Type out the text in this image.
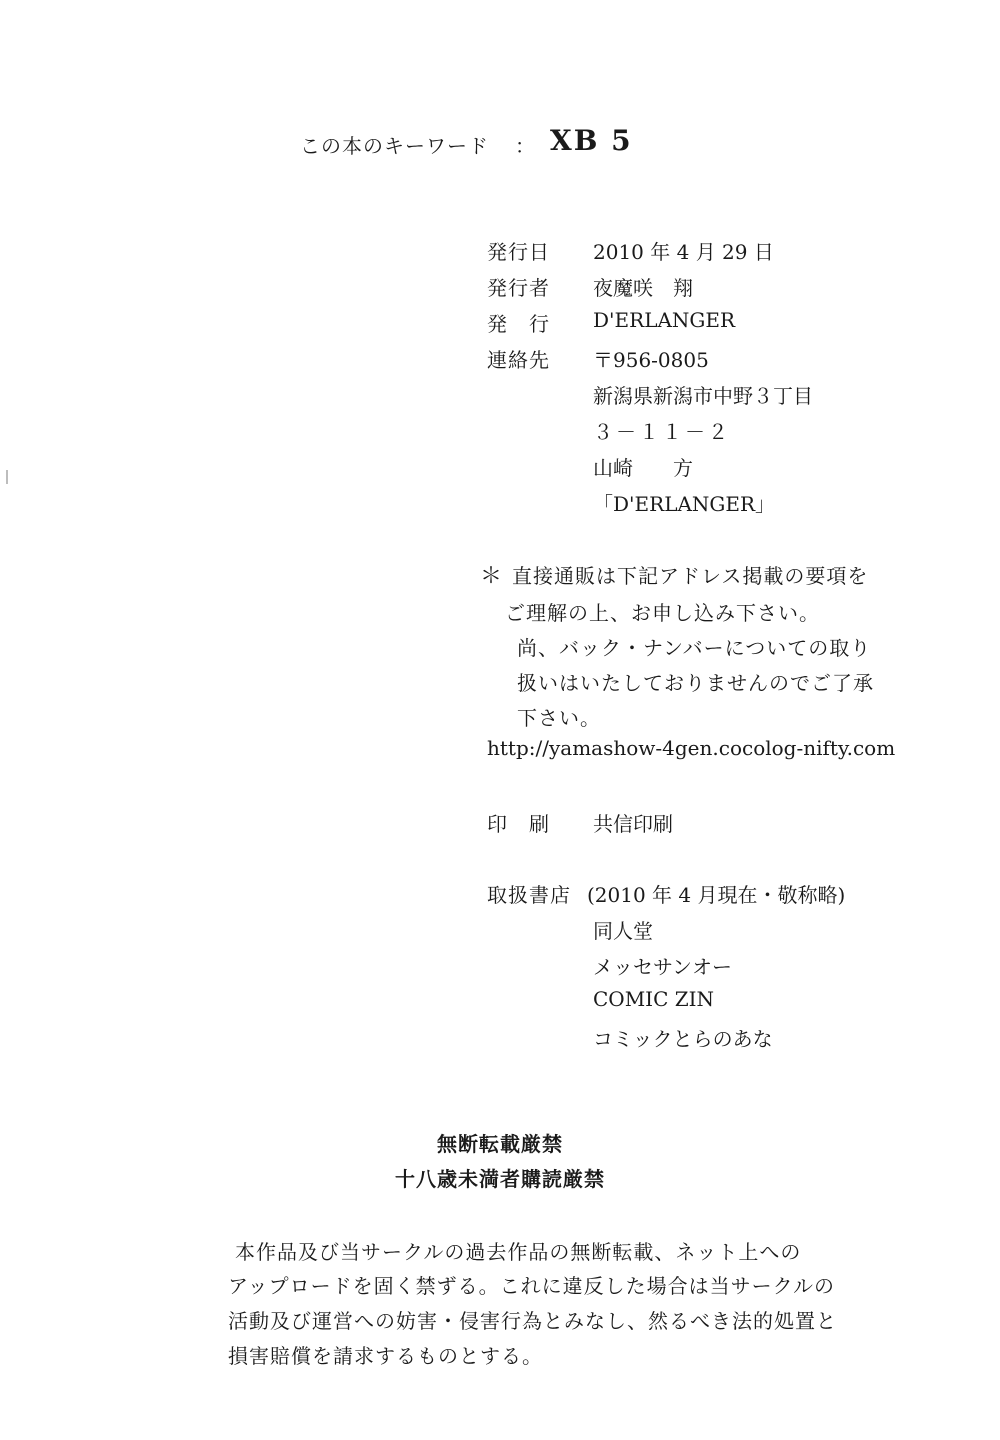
この本のキーワード ： XB 5
発行日 2010 年 4 月 29 日
発行者 夜魔咲　翔
発　行 D'ERLANGER
連絡先 〒956-0805
新潟県新潟市中野３丁目
３－１１－２
山崎　　方
「D'ERLANGER」
＊ 直接通販は下記アドレス掲載の要項を
ご理解の上、お申し込み下さい。
尚、バック・ナンバーについての取り
扱いはいたしておりませんのでご了承
下さい。
http://yamashow-4gen.cocolog-nifty.com
印　刷 共信印刷
取扱書店 (2010 年 4 月現在・敬称略)
同人堂
メッセサンオー
COMIC ZIN
コミックとらのあな
無断転載厳禁
十八歳未満者購読厳禁
本作品及び当サークルの過去作品の無断転載、ネット上への
アップロードを固く禁ずる。これに違反した場合は当サークルの
活動及び運営への妨害・侵害行為とみなし、然るべき法的処置と
損害賠償を請求するものとする。
